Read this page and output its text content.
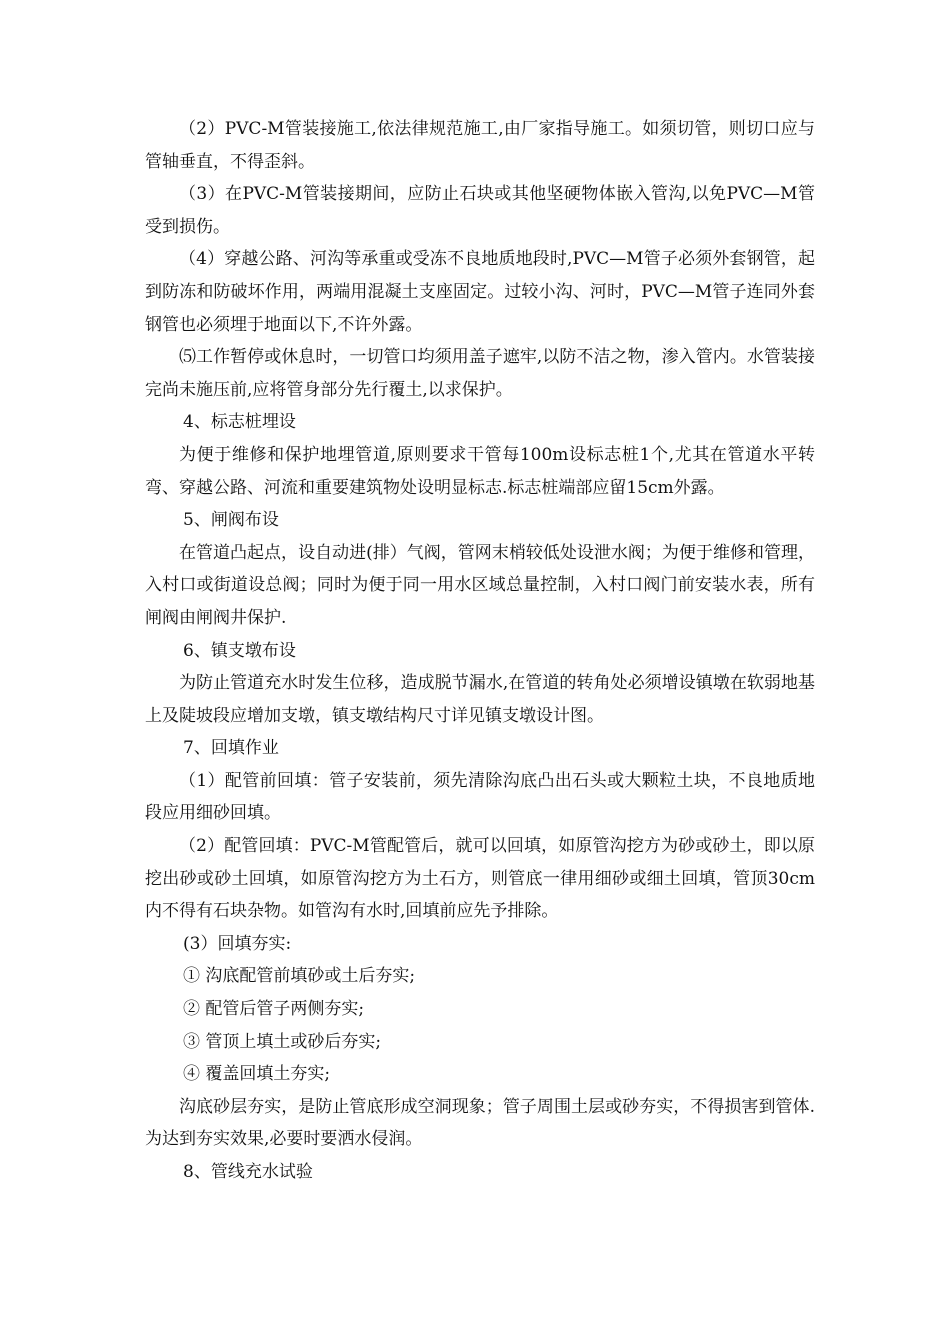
（2）PVC-M管装接施工,依法律规范施工,由厂家指导施工。如须切管，则切口应与管轴垂直，不得歪斜。

（3）在PVC-M管装接期间，应防止石块或其他坚硬物体嵌入管沟,以免PVC—M管受到损伤。

（4）穿越公路、河沟等承重或受冻不良地质地段时,PVC—M管子必须外套钢管，起到防冻和防破坏作用，两端用混凝土支座固定。过较小沟、河时，PVC—M管子连同外套钢管也必须埋于地面以下,不许外露。

⑸工作暂停或休息时，一切管口均须用盖子遮牢,以防不洁之物，渗入管内。水管装接完尚未施压前,应将管身部分先行覆土,以求保护。

4、标志桩埋设

为便于维修和保护地埋管道,原则要求干管每100m设标志桩1个,尤其在管道水平转弯、穿越公路、河流和重要建筑物处设明显标志.标志桩端部应留15cm外露。

5、闸阀布设

在管道凸起点，设自动进(排）气阀，管网末梢较低处设泄水阀；为便于维修和管理，入村口或街道设总阀；同时为便于同一用水区域总量控制，入村口阀门前安装水表，所有闸阀由闸阀井保护.

6、镇支墩布设

为防止管道充水时发生位移，造成脱节漏水,在管道的转角处必须增设镇墩在软弱地基上及陡坡段应增加支墩，镇支墩结构尺寸详见镇支墩设计图。

7、回填作业

（1）配管前回填：管子安装前，须先清除沟底凸出石头或大颗粒土块，不良地质地段应用细砂回填。

（2）配管回填：PVC-M管配管后，就可以回填，如原管沟挖方为砂或砂土，即以原挖出砂或砂土回填，如原管沟挖方为土石方，则管底一律用细砂或细土回填，管顶30cm内不得有石块杂物。如管沟有水时,回填前应先予排除。

(3）回填夯实:

① 沟底配管前填砂或土后夯实;

② 配管后管子两侧夯实;

③ 管顶上填土或砂后夯实;

④ 覆盖回填土夯实;

沟底砂层夯实，是防止管底形成空洞现象；管子周围土层或砂夯实，不得损害到管体.为达到夯实效果,必要时要洒水侵润。

8、管线充水试验
